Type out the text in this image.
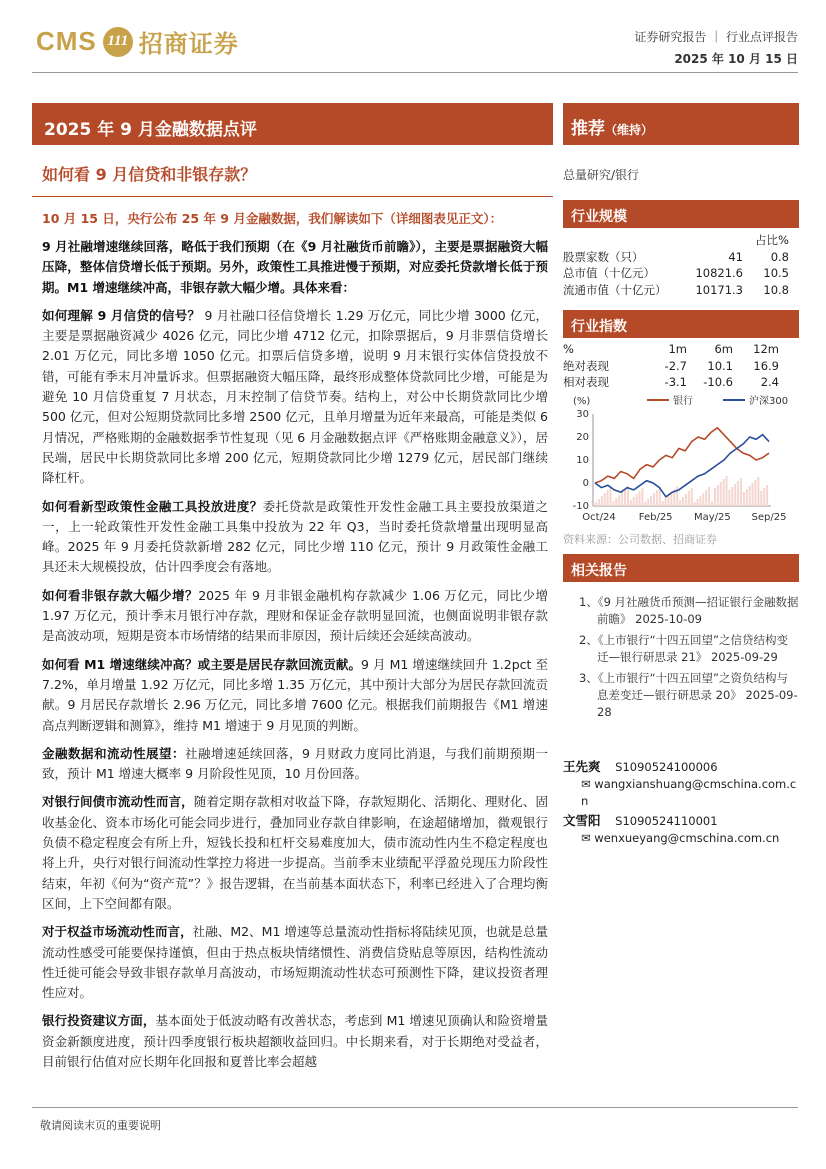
CMS 111 招商证券	证券研究报告 ｜ 行业点评报告
2025 年 10 月 15 日
2025 年 9 月金融数据点评
如何看 9 月信贷和非银存款？
10 月 15 日，央行公布 25 年 9 月金融数据，我们解读如下（详细图表见正文）：

9 月社融增速继续回落，略低于我们预期（在《9 月社融货币前瞻》），主要是票据融资大幅压降，整体信贷增长低于预期。另外，政策性工具推进慢于预期，对应委托贷款增长低于预期。M1 增速继续冲高，非银存款大幅少增。具体来看：

如何理解 9 月信贷的信号？ 9 月社融口径信贷增长 1.29 万亿元，同比少增 3000 亿元，主要是票据融资减少 4026 亿元，同比少增 4712 亿元，扣除票据后，9 月非票信贷增长 2.01 万亿元，同比多增 1050 亿元。扣票后信贷多增，说明 9 月末银行实体信贷投放不错，可能有季末月冲量诉求。但票据融资大幅压降，最终形成整体贷款同比少增，可能是为避免 10 月信贷重复 7 月状态，月末控制了信贷节奏。结构上，对公中长期贷款同比少增 500 亿元，但对公短期贷款同比多增 2500 亿元，且单月增量为近年来最高，可能是类似 6 月情况，严格账期的金融数据季节性复现（见 6 月金融数据点评《严格账期金融意义》），居民端，居民中长期贷款同比多增 200 亿元，短期贷款同比少增 1279 亿元，居民部门继续降杠杆。

如何看新型政策性金融工具投放进度？委托贷款是政策性开发性金融工具主要投放渠道之一，上一轮政策性开发性金融工具集中投放为 22 年 Q3，当时委托贷款增量出现明显高峰。2025 年 9 月委托贷款新增 282 亿元，同比少增 110 亿元，预计 9 月政策性金融工具还未大规模投放，估计四季度会有落地。

如何看非银存款大幅少增？2025 年 9 月非银金融机构存款减少 1.06 万亿元，同比少增 1.97 万亿元，预计季末月银行冲存款，理财和保证金存款明显回流，也侧面说明非银存款是高波动项，短期是资本市场情绪的结果而非原因，预计后续还会延续高波动。

如何看 M1 增速继续冲高？或主要是居民存款回流贡献。9 月 M1 增速继续回升 1.2pct 至 7.2%，单月增量 1.92 万亿元，同比多增 1.35 万亿元，其中预计大部分为居民存款回流贡献。9 月居民存款增长 2.96 万亿元，同比多增 7600 亿元。根据我们前期报告《M1 增速高点判断逻辑和测算》，维持 M1 增速于 9 月见顶的判断。

金融数据和流动性展望：社融增速延续回落，9 月财政力度同比消退，与我们前期预期一致，预计 M1 增速大概率 9 月阶段性见顶，10 月份回落。

对银行间债市流动性而言，随着定期存款相对收益下降，存款短期化、活期化、理财化、固收基金化、资本市场化可能会同步进行，叠加同业存款自律影响，在途超储增加，微观银行负债不稳定程度会有所上升，短钱长投和杠杆交易难度加大，债市流动性内生不稳定程度也将上升，央行对银行间流动性掌控力将进一步提高。当前季末业绩配平浮盈兑现压力阶段性结束，年初《何为“资产荒”？》报告逻辑，在当前基本面状态下，利率已经进入了合理均衡区间，上下空间都有限。

对于权益市场流动性而言，社融、M2、M1 增速等总量流动性指标将陆续见顶，也就是总量流动性感受可能要保持谨慎，但由于热点板块情绪惯性、消费信贷贴息等原因，结构性流动性迁徙可能会导致非银存款单月高波动，市场短期流动性状态可预测性下降，建议投资者理性应对。

银行投资建议方面，基本面处于低波动略有改善状态，考虑到 M1 增速见顶确认和险资增量资金新额度进度，预计四季度银行板块超额收益回归。中长期来看，对于长期绝对受益者，目前银行估值对应长期年化回报和夏普比率会超越

推荐（维持）
总量研究/银行
行业规模
		占比%
股票家数（只）	41	0.8
总市值（十亿元）	10821.6	10.5
流通市值（十亿元）	10171.3	10.8
行业指数
%	1m	6m	12m
绝对表现	-2.7	10.1	16.9
相对表现	-3.1	-10.6	2.4
(%)
30
20
10
0
-10
Oct/24 Feb/25 May/25 Sep/25
银行	沪深300
资料来源：公司数据、招商证券
相关报告
1、《9 月社融货币预测—招证银行金融数据前瞻》 2025-10-09
2、《上市银行“十四五回望”之信贷结构变迁—银行研思录 21》 2025-09-29
3、《上市银行“十四五回望”之资负结构与息差变迁—银行研思录 20》 2025-09-28
王先爽 S1090524100006
✉ wangxianshuang@cmschina.com.cn
文雪阳 S1090524110001
✉ wenxueyang@cmschina.com.cn
敬请阅读末页的重要说明
